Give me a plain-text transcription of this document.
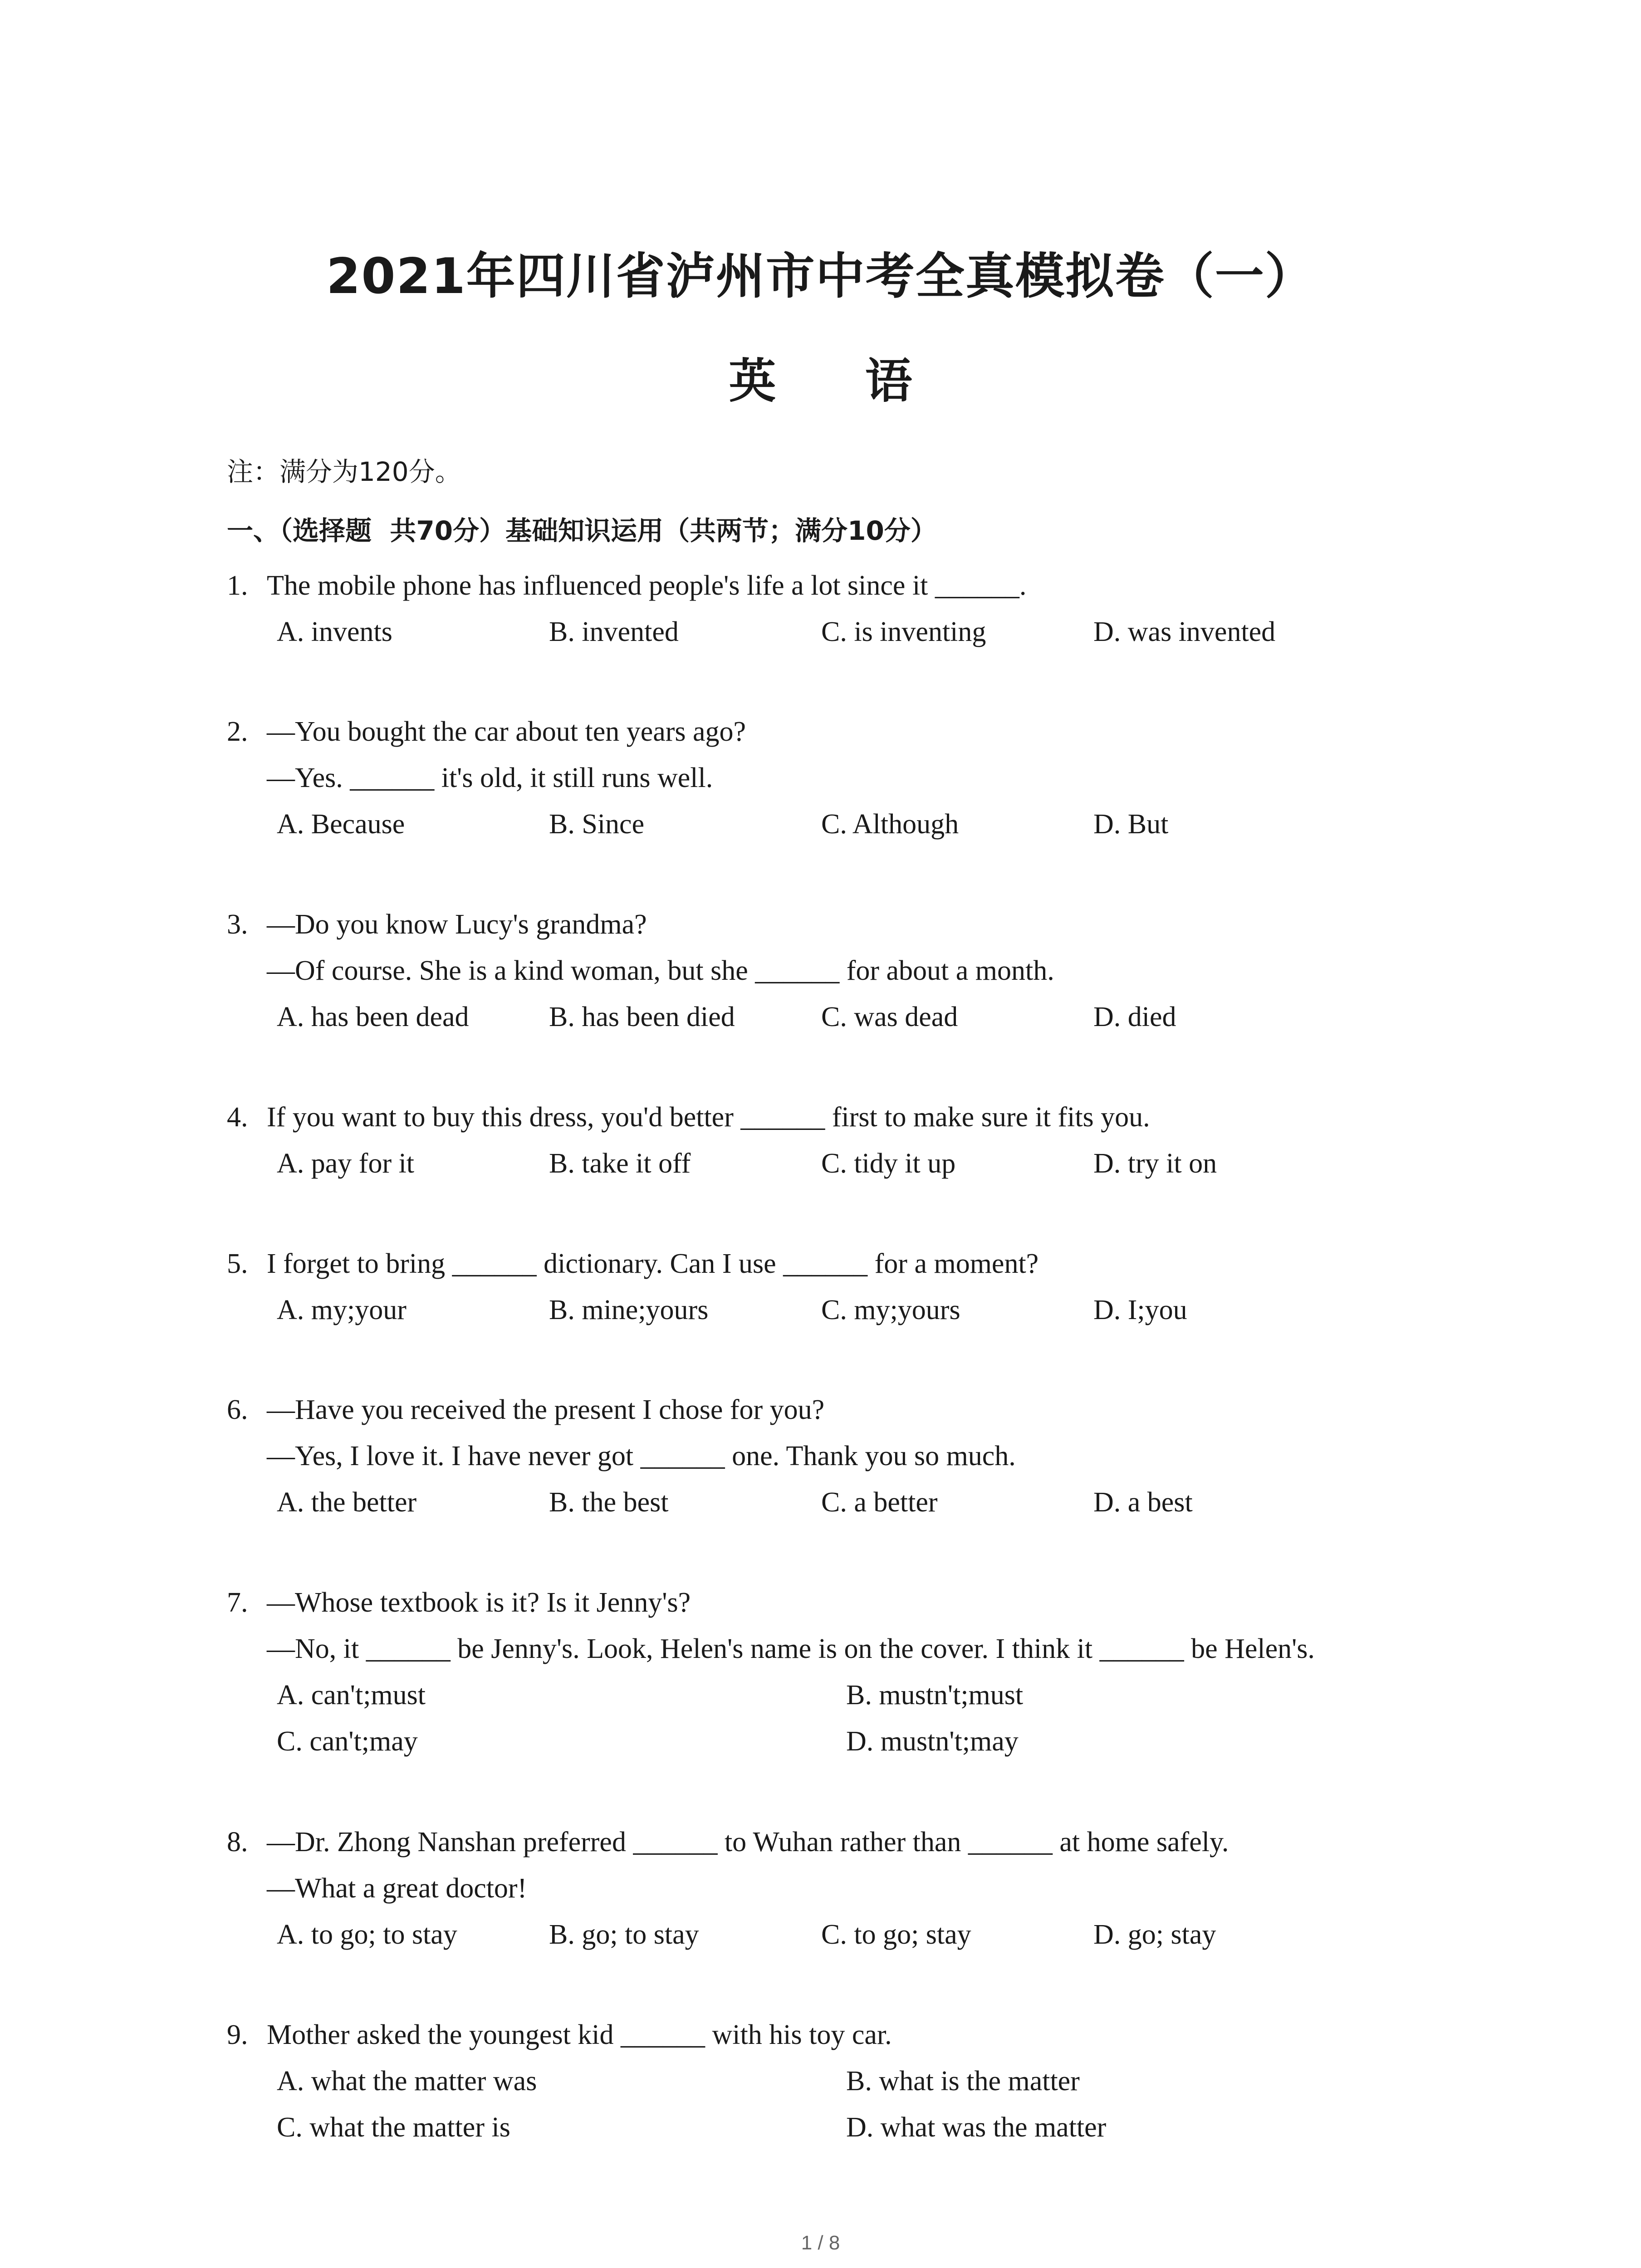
2021年四川省泸州市中考全真模拟卷（一）
英 语
注：满分为120分。
一、（选择题  共70分）基础知识运用（共两节；满分10分）
1. The mobile phone has influenced people's life a lot since it ______.
A. invents	B. invented	C. is inventing	D. was invented
2. —You bought the car about ten years ago?
—Yes. ______ it's old, it still runs well.
A. Because	B. Since	C. Although	D. But
3. —Do you know Lucy's grandma?
—Of course. She is a kind woman, but she ______ for about a month.
A. has been dead	B. has been died	C. was dead	D. died
4. If you want to buy this dress, you'd better ______ first to make sure it fits you.
A. pay for it	B. take it off	C. tidy it up	D. try it on
5. I forget to bring ______ dictionary. Can I use ______ for a moment?
A. my;your	B. mine;yours	C. my;yours	D. I;you
6. —Have you received the present I chose for you?
—Yes, I love it. I have never got ______ one. Thank you so much.
A. the better	B. the best	C. a better	D. a best
7. —Whose textbook is it? Is it Jenny's?
—No, it ______ be Jenny's. Look, Helen's name is on the cover. I think it ______ be Helen's.
A. can't;must	B. mustn't;must
C. can't;may	D. mustn't;may
8. —Dr. Zhong Nanshan preferred ______ to Wuhan rather than ______ at home safely.
—What a great doctor!
A. to go; to stay	B. go; to stay	C. to go; stay	D. go; stay
9. Mother asked the youngest kid ______ with his toy car.
A. what the matter was	B. what is the matter
C. what the matter is	D. what was the matter
1 / 8
